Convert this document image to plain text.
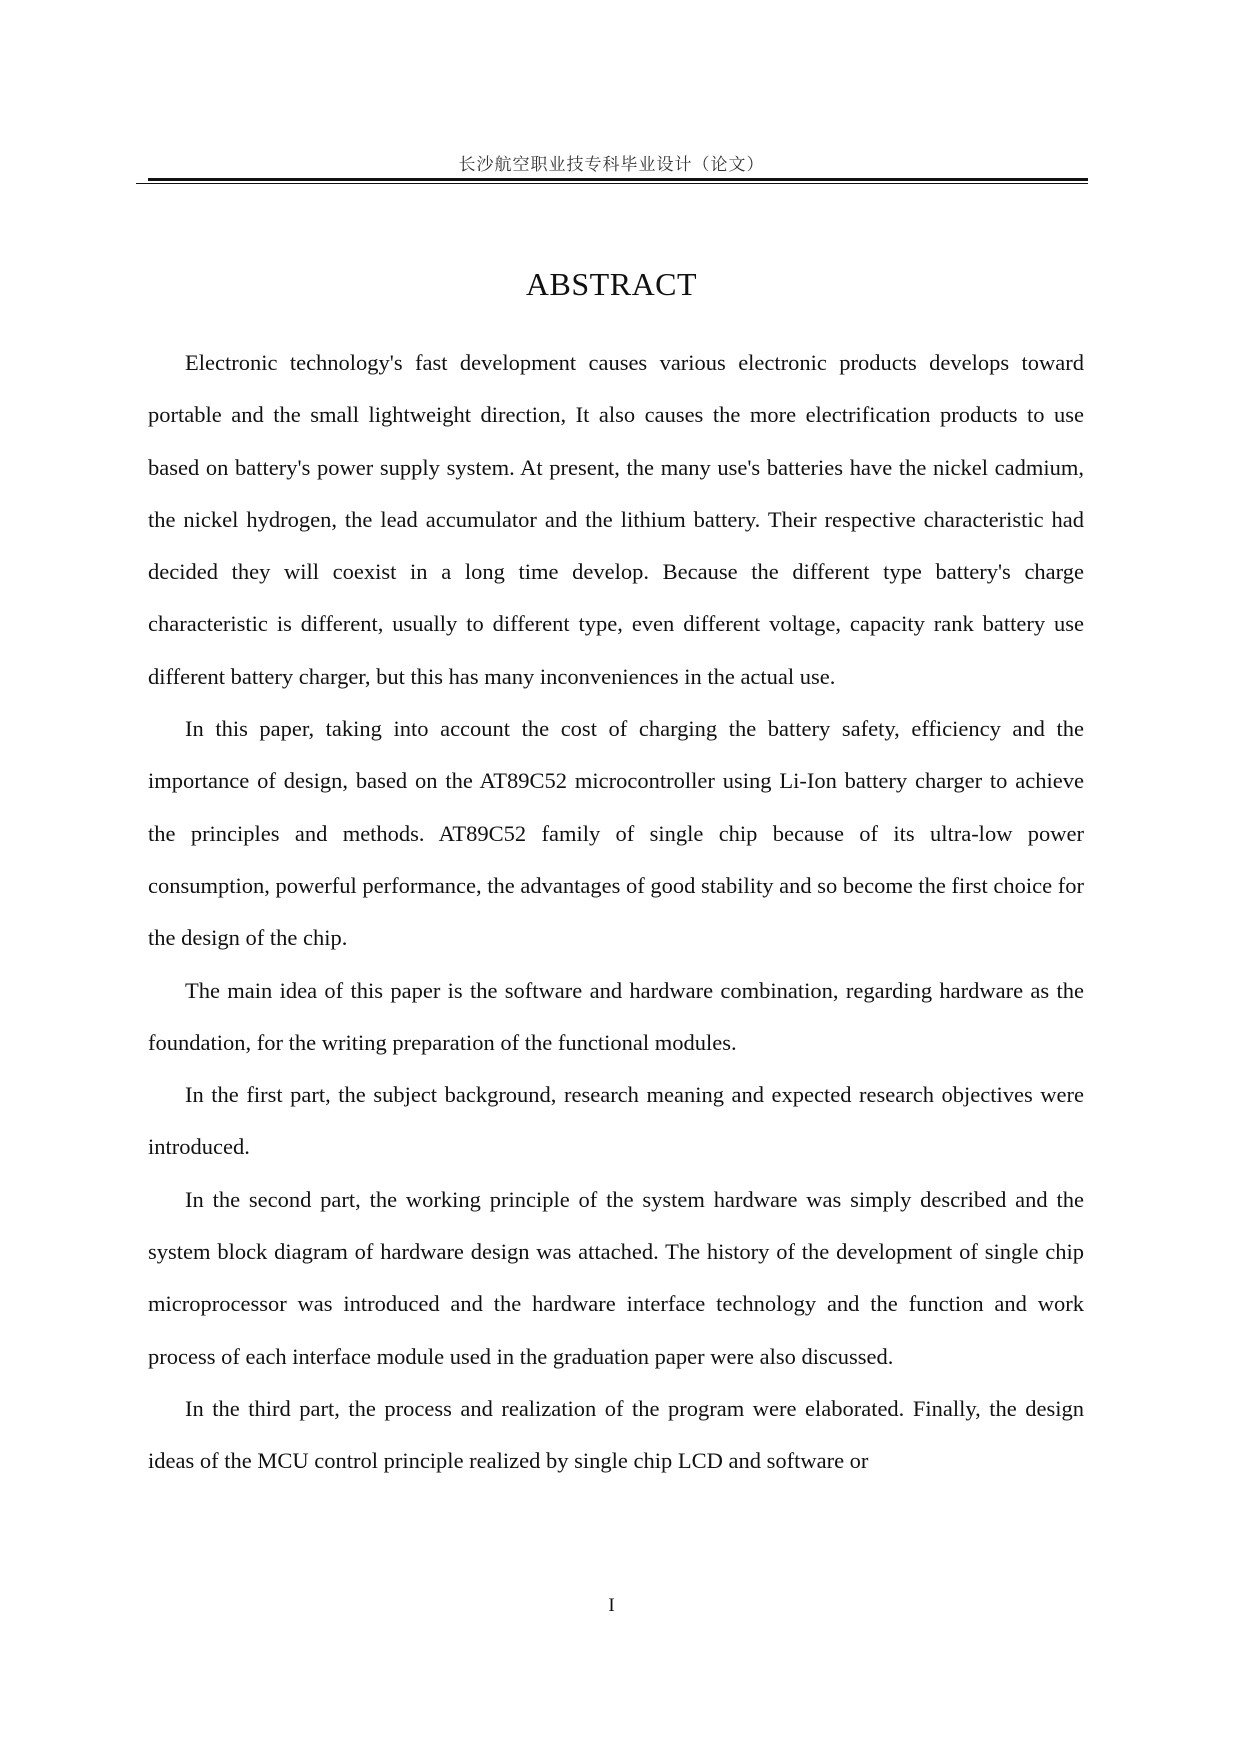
长沙航空职业技专科毕业设计（论文）
ABSTRACT

Electronic technology's fast development causes various electronic products develops toward portable and the small lightweight direction, It also causes the more electrification products to use based on battery's power supply system. At present, the many use's batteries have the nickel cadmium, the nickel hydrogen, the lead accumulator and the lithium battery. Their respective characteristic had decided they will coexist in a long time develop. Because the different type battery's charge characteristic is different, usually to different type, even different voltage, capacity rank battery use different battery charger, but this has many inconveniences in the actual use.

In this paper, taking into account the cost of charging the battery safety, efficiency and the importance of design, based on the AT89C52 microcontroller using Li-Ion battery charger to achieve the principles and methods. AT89C52 family of single chip because of its ultra-low power consumption, powerful performance, the advantages of good stability and so become the first choice for the design of the chip.

The main idea of this paper is the software and hardware combination, regarding hardware as the foundation, for the writing preparation of the functional modules.

In the first part, the subject background, research meaning and expected research objectives were introduced.

In the second part, the working principle of the system hardware was simply described and the system block diagram of hardware design was attached. The history of the development of single chip microprocessor was introduced and the hardware interface technology and the function and work process of each interface module used in the graduation paper were also discussed.

In the third part, the process and realization of the program were elaborated. Finally, the design ideas of the MCU control principle realized by single chip LCD and software or

I
